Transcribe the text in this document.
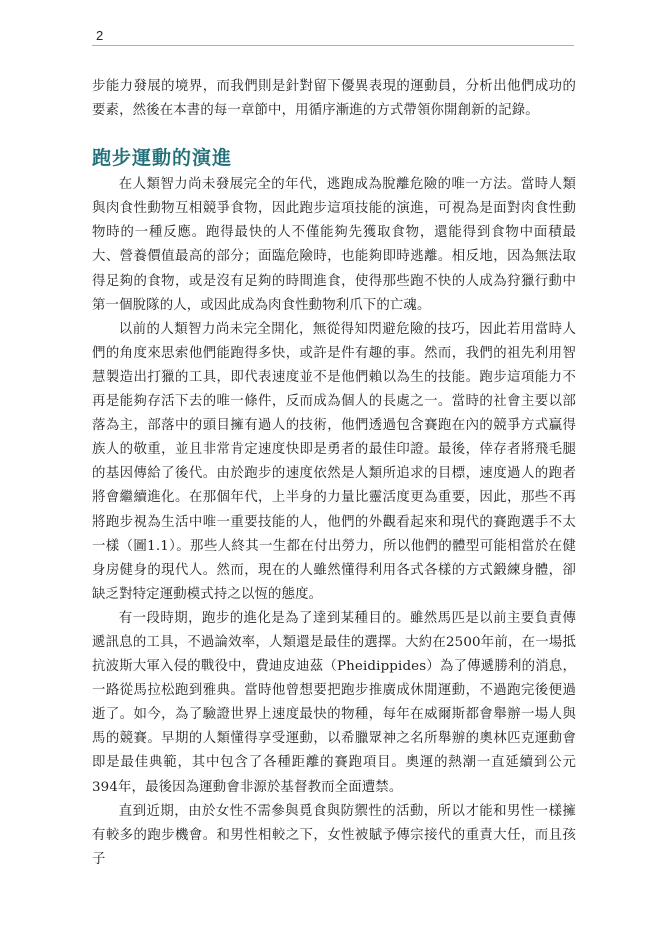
2

步能力發展的境界，而我們則是針對留下優異表現的運動員，分析出他們成功的要素，然後在本書的每一章節中，用循序漸進的方式帶領你開創新的記錄。

跑步運動的演進

在人類智力尚未發展完全的年代，逃跑成為脫離危險的唯一方法。當時人類與肉食性動物互相競爭食物，因此跑步這項技能的演進，可視為是面對肉食性動物時的一種反應。跑得最快的人不僅能夠先獲取食物，還能得到食物中面積最大、營養價值最高的部分；面臨危險時，也能夠即時逃離。相反地，因為無法取得足夠的食物，或是沒有足夠的時間進食，使得那些跑不快的人成為狩獵行動中第一個脫隊的人，或因此成為肉食性動物利爪下的亡魂。

以前的人類智力尚未完全開化，無從得知閃避危險的技巧，因此若用當時人們的角度來思索他們能跑得多快，或許是件有趣的事。然而，我們的祖先利用智慧製造出打獵的工具，即代表速度並不是他們賴以為生的技能。跑步這項能力不再是能夠存活下去的唯一條件，反而成為個人的長處之一。當時的社會主要以部落為主，部落中的頭目擁有過人的技術，他們透過包含賽跑在內的競爭方式贏得族人的敬重，並且非常肯定速度快即是勇者的最佳印證。最後，倖存者將飛毛腿的基因傳給了後代。由於跑步的速度依然是人類所追求的目標，速度過人的跑者將會繼續進化。在那個年代，上半身的力量比靈活度更為重要，因此，那些不再將跑步視為生活中唯一重要技能的人，他們的外觀看起來和現代的賽跑選手不太一樣（圖1.1）。那些人終其一生都在付出勞力，所以他們的體型可能相當於在健身房健身的現代人。然而，現在的人雖然懂得利用各式各樣的方式鍛練身體，卻缺乏對特定運動模式持之以恆的態度。

有一段時期，跑步的進化是為了達到某種目的。雖然馬匹是以前主要負責傳遞訊息的工具，不過論效率，人類還是最佳的選擇。大約在2500年前，在一場抵抗波斯大軍入侵的戰役中，費迪皮迪茲（Pheidippides）為了傳遞勝利的消息，一路從馬拉松跑到雅典。當時他曾想要把跑步推廣成休閒運動，不過跑完後便過逝了。如今，為了驗證世界上速度最快的物種，每年在威爾斯都會舉辦一場人與馬的競賽。早期的人類懂得享受運動，以希臘眾神之名所舉辦的奧林匹克運動會即是最佳典範，其中包含了各種距離的賽跑項目。奧運的熱潮一直延續到公元394年，最後因為運動會非源於基督教而全面遭禁。

直到近期，由於女性不需參與覓食與防禦性的活動，所以才能和男性一樣擁有較多的跑步機會。和男性相較之下，女性被賦予傳宗接代的重責大任，而且孩子
